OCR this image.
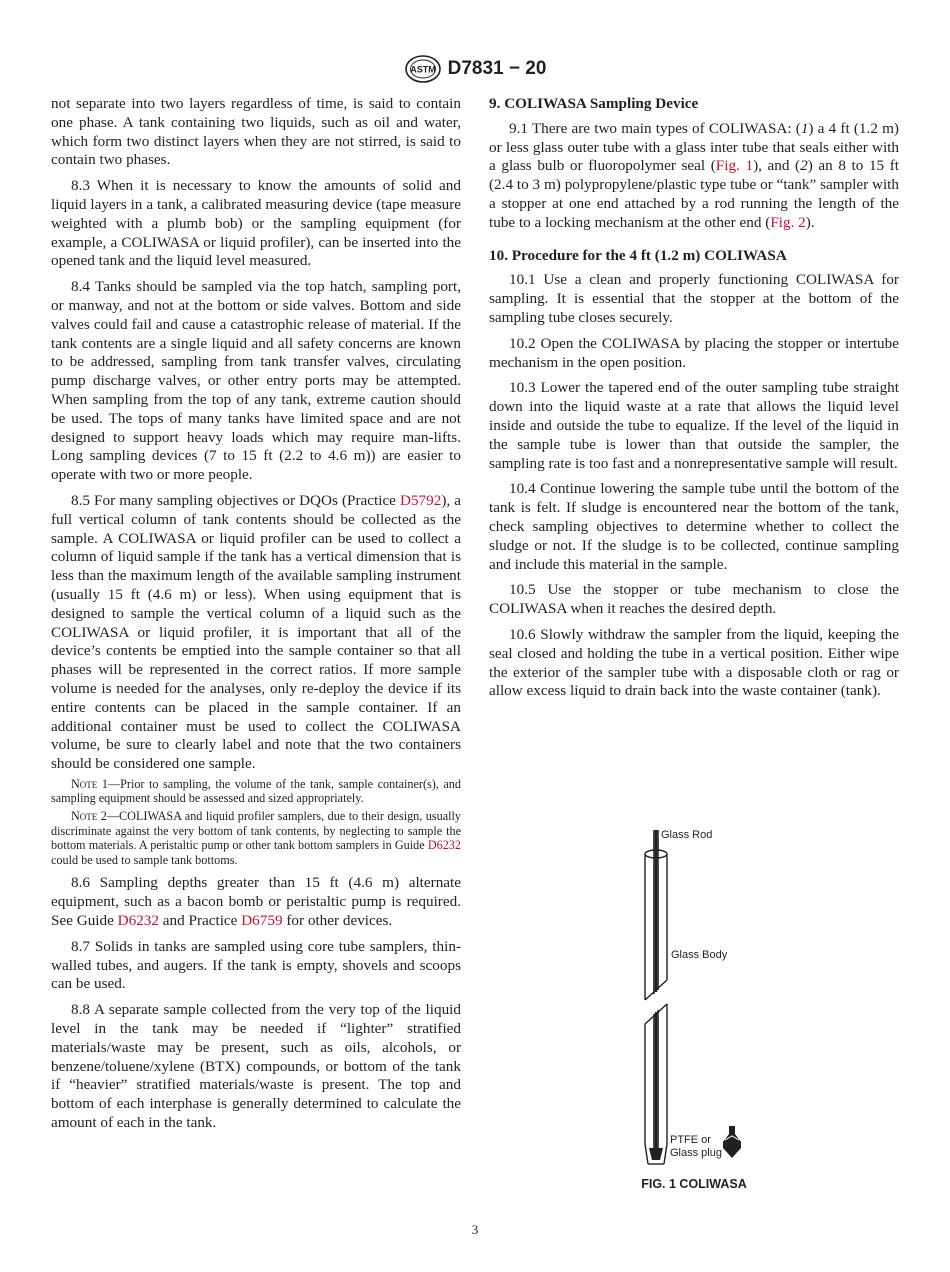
ASTM D7831 − 20

not separate into two layers regardless of time, is said to contain one phase. A tank containing two liquids, such as oil and water, which form two distinct layers when they are not stirred, is said to contain two phases.

8.3 When it is necessary to know the amounts of solid and liquid layers in a tank, a calibrated measuring device (tape measure weighted with a plumb bob) or the sampling equipment (for example, a COLIWASA or liquid profiler), can be inserted into the opened tank and the liquid level measured.

8.4 Tanks should be sampled via the top hatch, sampling port, or manway, and not at the bottom or side valves. Bottom and side valves could fail and cause a catastrophic release of material. If the tank contents are a single liquid and all safety concerns are known to be addressed, sampling from tank transfer valves, circulating pump discharge valves, or other entry ports may be attempted. When sampling from the top of any tank, extreme caution should be used. The tops of many tanks have limited space and are not designed to support heavy loads which may require man-lifts. Long sampling devices (7 to 15 ft (2.2 to 4.6 m)) are easier to operate with two or more people.

8.5 For many sampling objectives or DQOs (Practice D5792), a full vertical column of tank contents should be collected as the sample. A COLIWASA or liquid profiler can be used to collect a column of liquid sample if the tank has a vertical dimension that is less than the maximum length of the available sampling instrument (usually 15 ft (4.6 m) or less). When using equipment that is designed to sample the vertical column of a liquid such as the COLIWASA or liquid profiler, it is important that all of the device’s contents be emptied into the sample container so that all phases will be represented in the correct ratios. If more sample volume is needed for the analyses, only re-deploy the device if its entire contents can be placed in the sample container. If an additional container must be used to collect the COLIWASA volume, be sure to clearly label and note that the two containers should be considered one sample.

Note 1—Prior to sampling, the volume of the tank, sample container(s), and sampling equipment should be assessed and sized appropriately.

Note 2—COLIWASA and liquid profiler samplers, due to their design, usually discriminate against the very bottom of tank contents, by neglecting to sample the bottom materials. A peristaltic pump or other tank bottom samplers in Guide D6232 could be used to sample tank bottoms.

8.6 Sampling depths greater than 15 ft (4.6 m) alternate equipment, such as a bacon bomb or peristaltic pump is required. See Guide D6232 and Practice D6759 for other devices.

8.7 Solids in tanks are sampled using core tube samplers, thin-walled tubes, and augers. If the tank is empty, shovels and scoops can be used.

8.8 A separate sample collected from the very top of the liquid level in the tank may be needed if “lighter” stratified materials/waste may be present, such as oils, alcohols, or benzene/toluene/xylene (BTX) compounds, or bottom of the tank if “heavier” stratified materials/waste is present. The top and bottom of each interphase is generally determined to calculate the amount of each in the tank.

9. COLIWASA Sampling Device

9.1 There are two main types of COLIWASA: (1) a 4 ft (1.2 m) or less glass outer tube with a glass inter tube that seals either with a glass bulb or fluoropolymer seal (Fig. 1), and (2) an 8 to 15 ft (2.4 to 3 m) polypropylene/plastic type tube or “tank” sampler with a stopper at one end attached by a rod running the length of the tube to a locking mechanism at the other end (Fig. 2).

10. Procedure for the 4 ft (1.2 m) COLIWASA

10.1 Use a clean and properly functioning COLIWASA for sampling. It is essential that the stopper at the bottom of the sampling tube closes securely.

10.2 Open the COLIWASA by placing the stopper or intertube mechanism in the open position.

10.3 Lower the tapered end of the outer sampling tube straight down into the liquid waste at a rate that allows the liquid level inside and outside the tube to equalize. If the level of the liquid in the sample tube is lower than that outside the sampler, the sampling rate is too fast and a nonrepresentative sample will result.

10.4 Continue lowering the sample tube until the bottom of the tank is felt. If sludge is encountered near the bottom of the tank, check sampling objectives to determine whether to collect the sludge or not. If the sludge is to be collected, continue sampling and include this material in the sample.

10.5 Use the stopper or tube mechanism to close the COLIWASA when it reaches the desired depth.

10.6 Slowly withdraw the sampler from the liquid, keeping the seal closed and holding the tube in a vertical position. Either wipe the exterior of the sampler tube with a disposable cloth or rag or allow excess liquid to drain back into the waste container (tank).

Glass Rod
Glass Body
PTFE or
Glass plug
FIG. 1 COLIWASA
3
